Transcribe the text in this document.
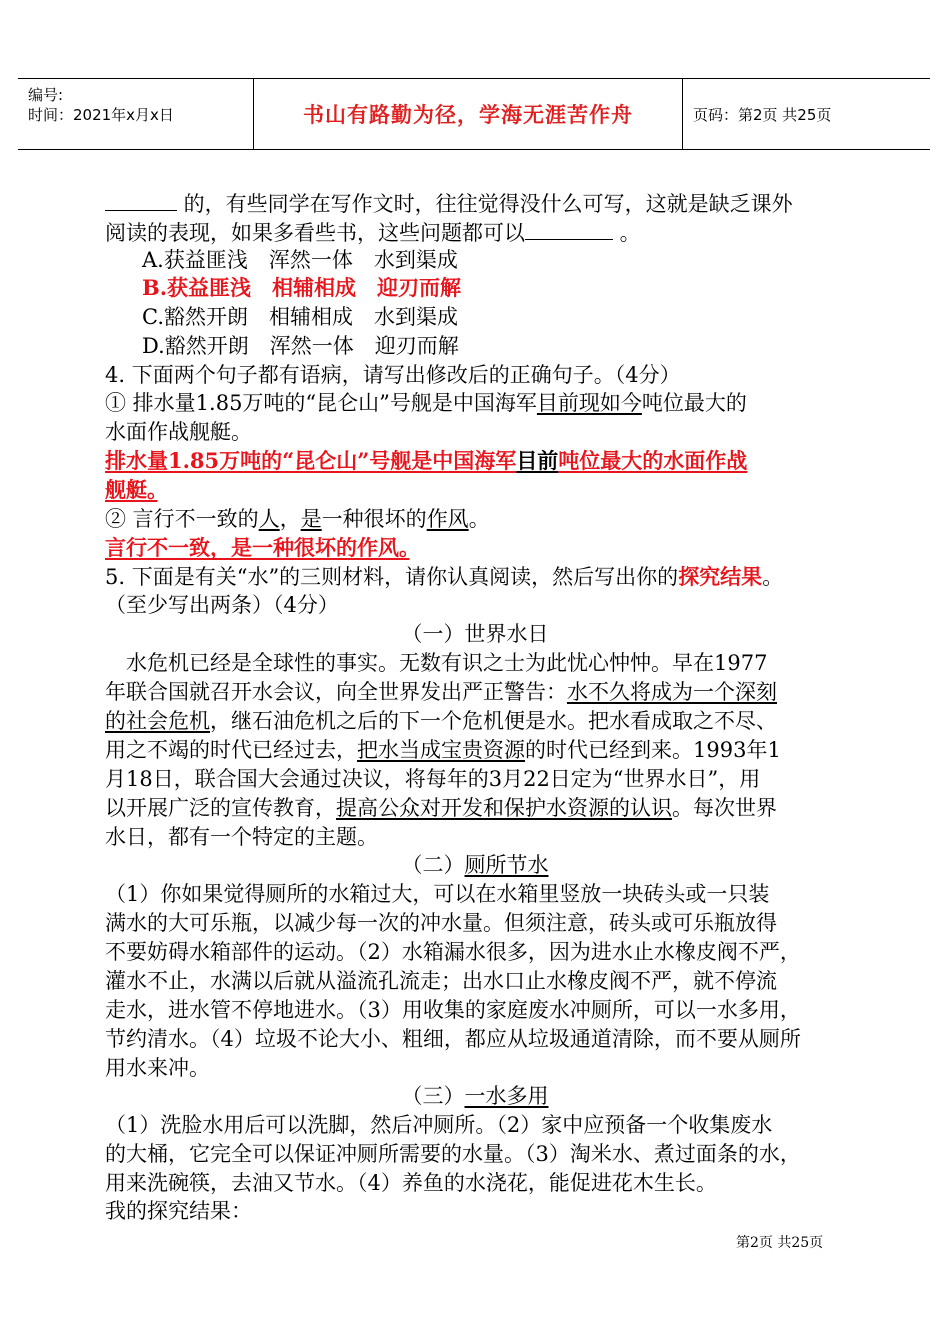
编号:
时间：2021年x月x日	书山有路勤为径，学海无涯苦作舟	页码：第2页 共25页
的，有些同学在写作文时，往往觉得没什么可写，这就是缺乏课外
阅读的表现，如果多看些书，这些问题都可以	。
A.获益匪浅　浑然一体　水到渠成
B.获益匪浅　相辅相成　迎刃而解
C.豁然开朗　相辅相成　水到渠成
D.豁然开朗　浑然一体　迎刃而解
4. 下面两个句子都有语病，请写出修改后的正确句子。（4分）
① 排水量1.85万吨的“昆仑山”号舰是中国海军目前现如今吨位最大的
水面作战舰艇。
排水量1.85万吨的“昆仑山”号舰是中国海军目前吨位最大的水面作战
舰艇。　
② 言行不一致的人，是一种很坏的作风。
言行不一致，是一种很坏的作风。　
5. 下面是有关“水”的三则材料，请你认真阅读，然后写出你的探究结果。
（至少写出两条）（4分）
（一）世界水日
　水危机已经是全球性的事实。无数有识之士为此忧心忡忡。早在1977
年联合国就召开水会议，向全世界发出严正警告：水不久将成为一个深刻
的社会危机，继石油危机之后的下一个危机便是水。把水看成取之不尽、
用之不竭的时代已经过去，把水当成宝贵资源的时代已经到来。1993年1
月18日，联合国大会通过决议，将每年的3月22日定为“世界水日”，用
以开展广泛的宣传教育，提高公众对开发和保护水资源的认识。每次世界
水日，都有一个特定的主题。
（二）厕所节水
（1）你如果觉得厕所的水箱过大，可以在水箱里竖放一块砖头或一只装
满水的大可乐瓶，以减少每一次的冲水量。但须注意，砖头或可乐瓶放得
不要妨碍水箱部件的运动。（2）水箱漏水很多，因为进水止水橡皮阀不严，
灌水不止，水满以后就从溢流孔流走；出水口止水橡皮阀不严，就不停流
走水，进水管不停地进水。（3）用收集的家庭废水冲厕所，可以一水多用，
节约清水。（4）垃圾不论大小、粗细，都应从垃圾通道清除，而不要从厕所
用水来冲。
（三）一水多用
（1）洗脸水用后可以洗脚，然后冲厕所。（2）家中应预备一个收集废水
的大桶，它完全可以保证冲厕所需要的水量。（3）淘米水、煮过面条的水，
用来洗碗筷，去油又节水。（4）养鱼的水浇花，能促进花木生长。
我的探究结果：
第2页 共25页
